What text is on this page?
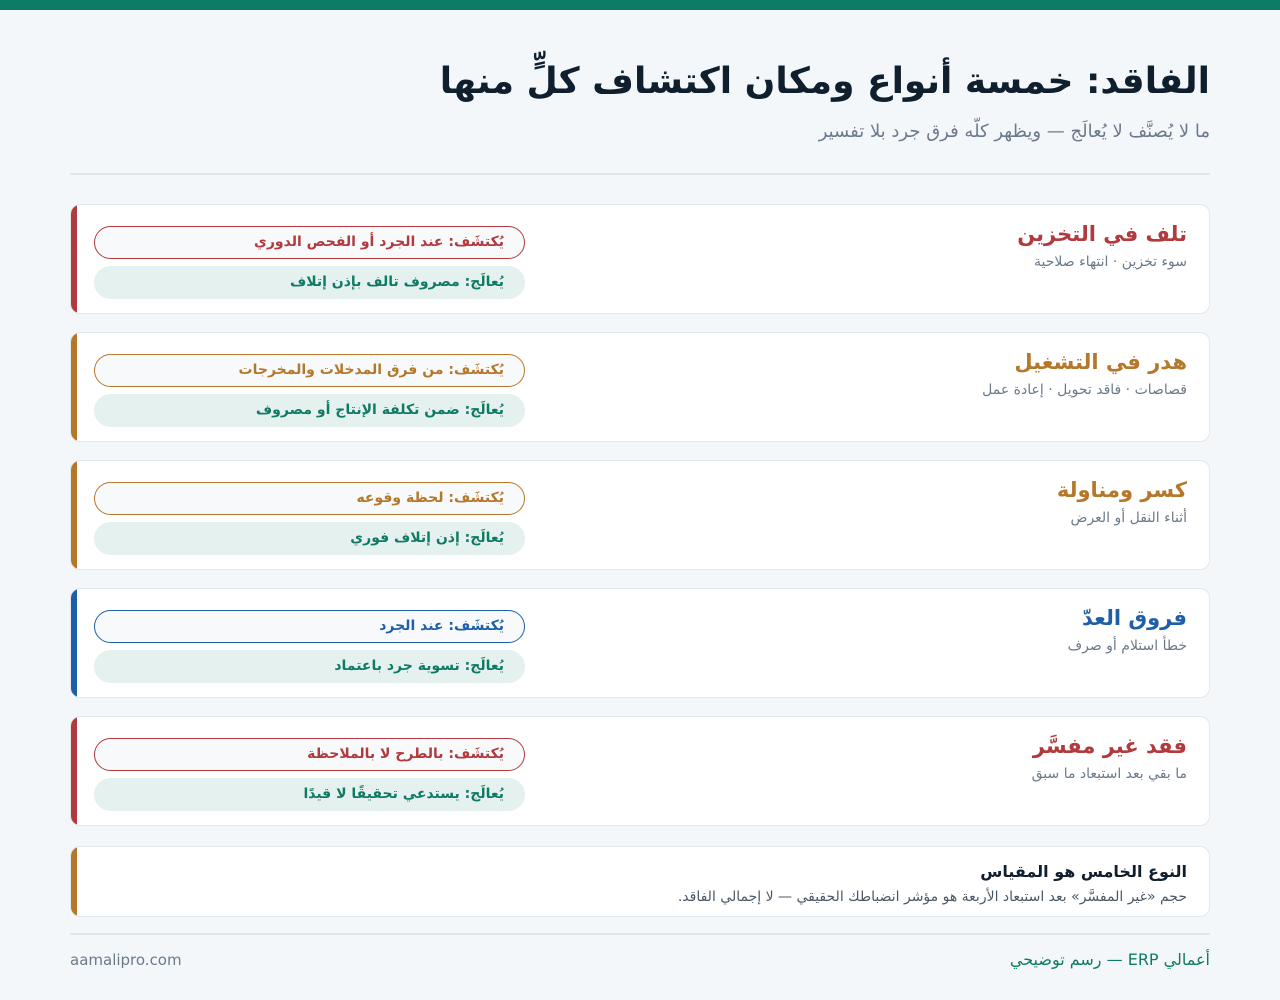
الفاقد: خمسة أنواع ومكان اكتشاف كلٍّ منها

ما لا يُصنَّف لا يُعالَج — ويظهر كلّه فرق جرد بلا تفسير

تلف في التخزين
سوء تخزين · انتهاء صلاحية
يُكتشَف: عند الجرد أو الفحص الدوري
يُعالَج: مصروف تالف بإذن إتلاف
هدر في التشغيل
قصاصات · فاقد تحويل · إعادة عمل
يُكتشَف: من فرق المدخلات والمخرجات
يُعالَج: ضمن تكلفة الإنتاج أو مصروف
كسر ومناولة
أثناء النقل أو العرض
يُكتشَف: لحظة وقوعه
يُعالَج: إذن إتلاف فوري
فروق العدّ
خطأ استلام أو صرف
يُكتشَف: عند الجرد
يُعالَج: تسوية جرد باعتماد
فقد غير مفسَّر
ما بقي بعد استبعاد ما سبق
يُكتشَف: بالطرح لا بالملاحظة
يُعالَج: يستدعي تحقيقًا لا قيدًا
النوع الخامس هو المقياس
حجم «غير المفسَّر» بعد استبعاد الأربعة هو مؤشر انضباطك الحقيقي — لا إجمالي الفاقد.
أعمالي ERP — رسم توضيحي
aamalipro.com
